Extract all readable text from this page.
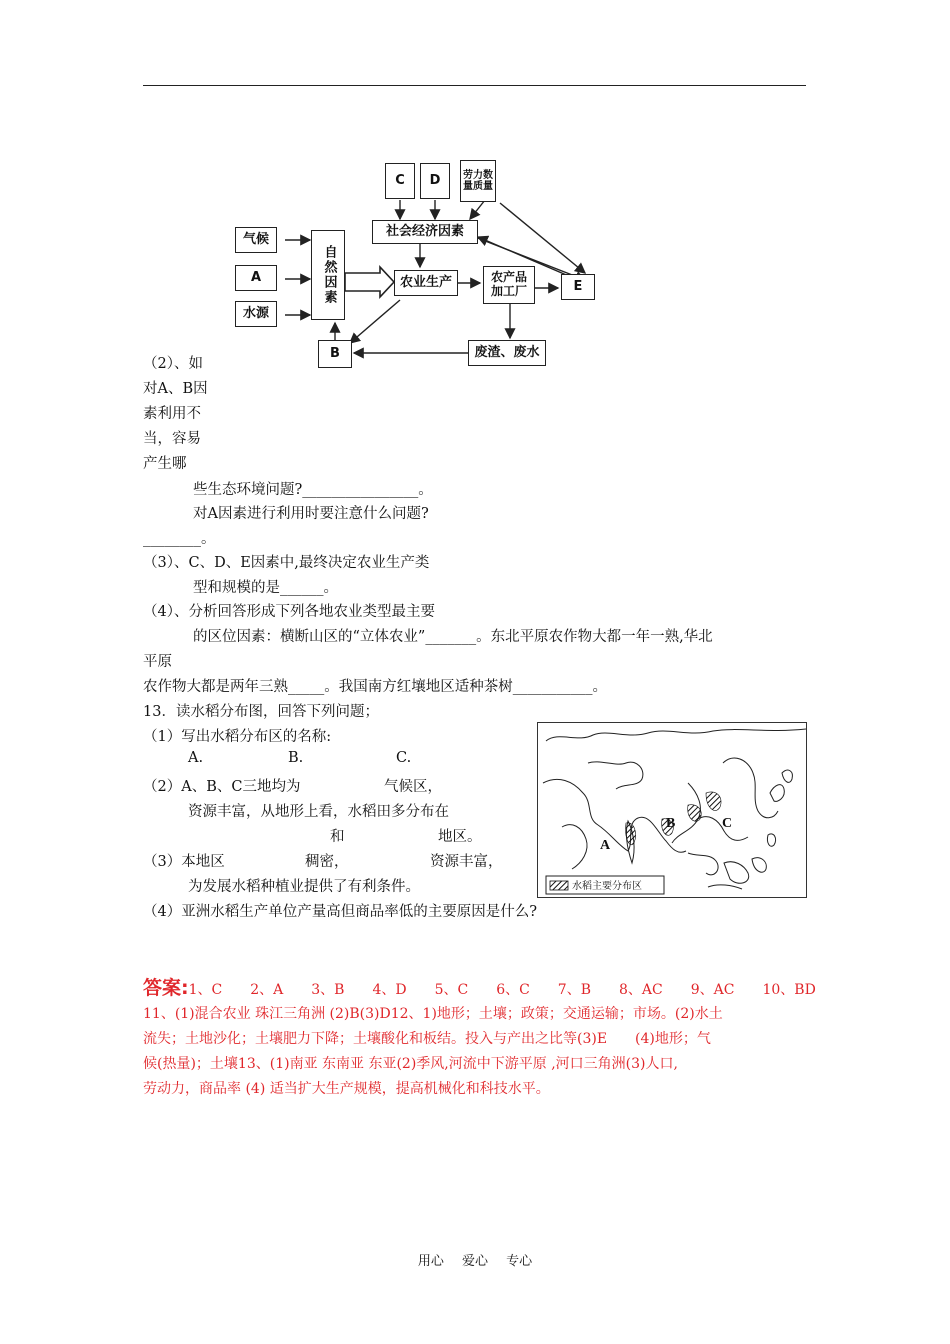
C	D	劳力数量质量
社会经济因素
气候
A
水源
自然因素	农业生产	农产品加工厂	E
B	废渣、废水
（2）、如
对A、B因
素利用不
当，容易
产生哪
些生态环境问题?________________。
对A因素进行利用时要注意什么问题?
________。
（3）、C、D、E因素中,最终决定农业生产类
型和规模的是______。
（4）、分析回答形成下列各地农业类型最主要
的区位因素：横断山区的“立体农业”_______。东北平原农作物大都一年一熟,华北
平原
农作物大都是两年三熟_____。我国南方红壤地区适种茶树___________。
13．读水稻分布图，回答下列问题；
（1）写出水稻分布区的名称:
A.	B.	C.
（2）A、B、C三地均为	气候区，
资源丰富，从地形上看，水稻田多分布在
和	地区。
（3）本地区	稠密，	资源丰富，
为发展水稻种植业提供了有利条件。
A
B	C
水稻主要分布区
（4）亚洲水稻生产单位产量高但商品率低的主要原因是什么?
答案:1、C　　2、A　　3、B　　4、D　　5、C　　6、C　　7、B　　8、AC　　9、AC　　10、BD
11、(1)混合农业 珠江三角洲 (2)B(3)D12、1)地形；土壤；政策；交通运输；市场。(2)水土
流失；土地沙化；土壤肥力下降；土壤酸化和板结。投入与产出之比等(3)E　　(4)地形；气
候(热量)；土壤13、(1)南亚 东南亚 东亚(2)季风,河流中下游平原 ,河口三角洲(3)人口,
劳动力，商品率 (4) 适当扩大生产规模，提高机械化和科技水平。
用心 爱心 专心
